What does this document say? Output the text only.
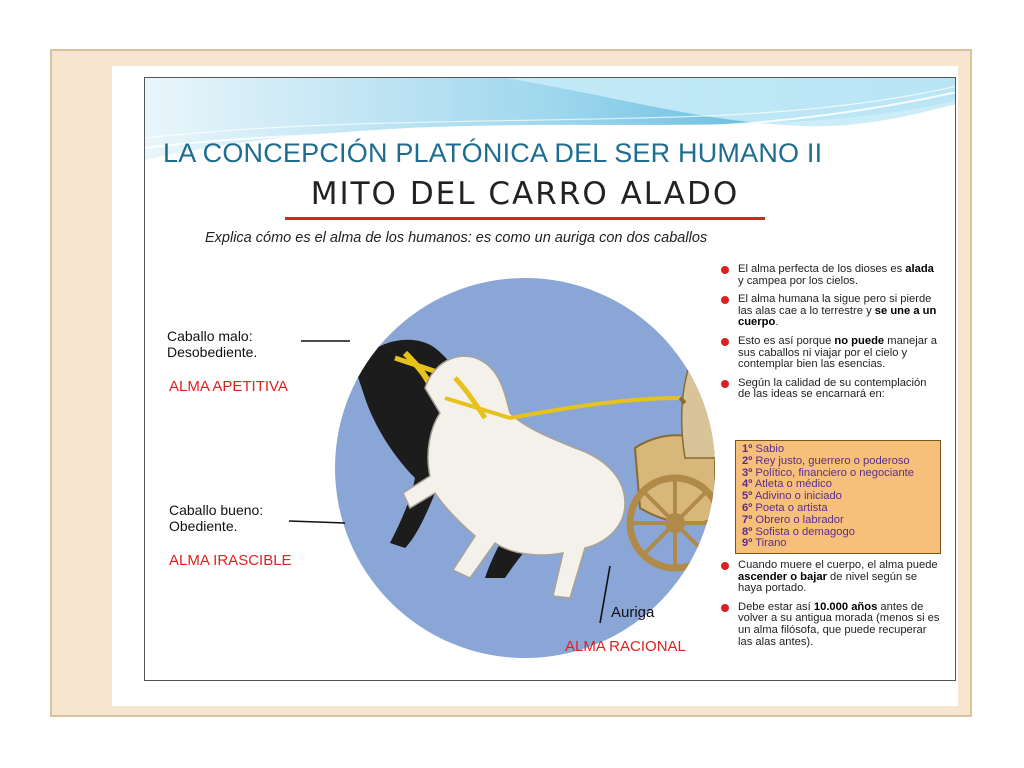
LA CONCEPCIÓN PLATÓNICA DEL SER HUMANO II
MITO DEL CARRO ALADO
Explica cómo es el alma de los humanos: es como un auriga con dos caballos
Caballo malo:
Desobediente.
ALMA APETITIVA
Caballo bueno:
Obediente.
ALMA IRASCIBLE
Auriga
ALMA RACIONAL
El alma perfecta de los dioses es alada y campea por los cielos.
El alma humana la sigue pero si pierde las alas cae a lo terrestre y se une a un cuerpo.
Esto es así porque no puede manejar a sus caballos ni viajar por el cielo y contemplar bien las esencias.
Según la calidad de su contemplación de las ideas se encarnará en:
1º Sabio
2º Rey justo, guerrero o poderoso
3º Político, financiero o negociante
4º Atleta o médico
5º Adivino o iniciado
6º Poeta o artista
7º Obrero o labrador
8º Sofista o demagogo
9º Tirano
Cuando muere el cuerpo, el alma puede ascender o bajar de nivel según se haya portado.
Debe estar así 10.000 años antes de volver a su antigua morada (menos si es un alma filósofa, que puede recuperar las alas antes).
